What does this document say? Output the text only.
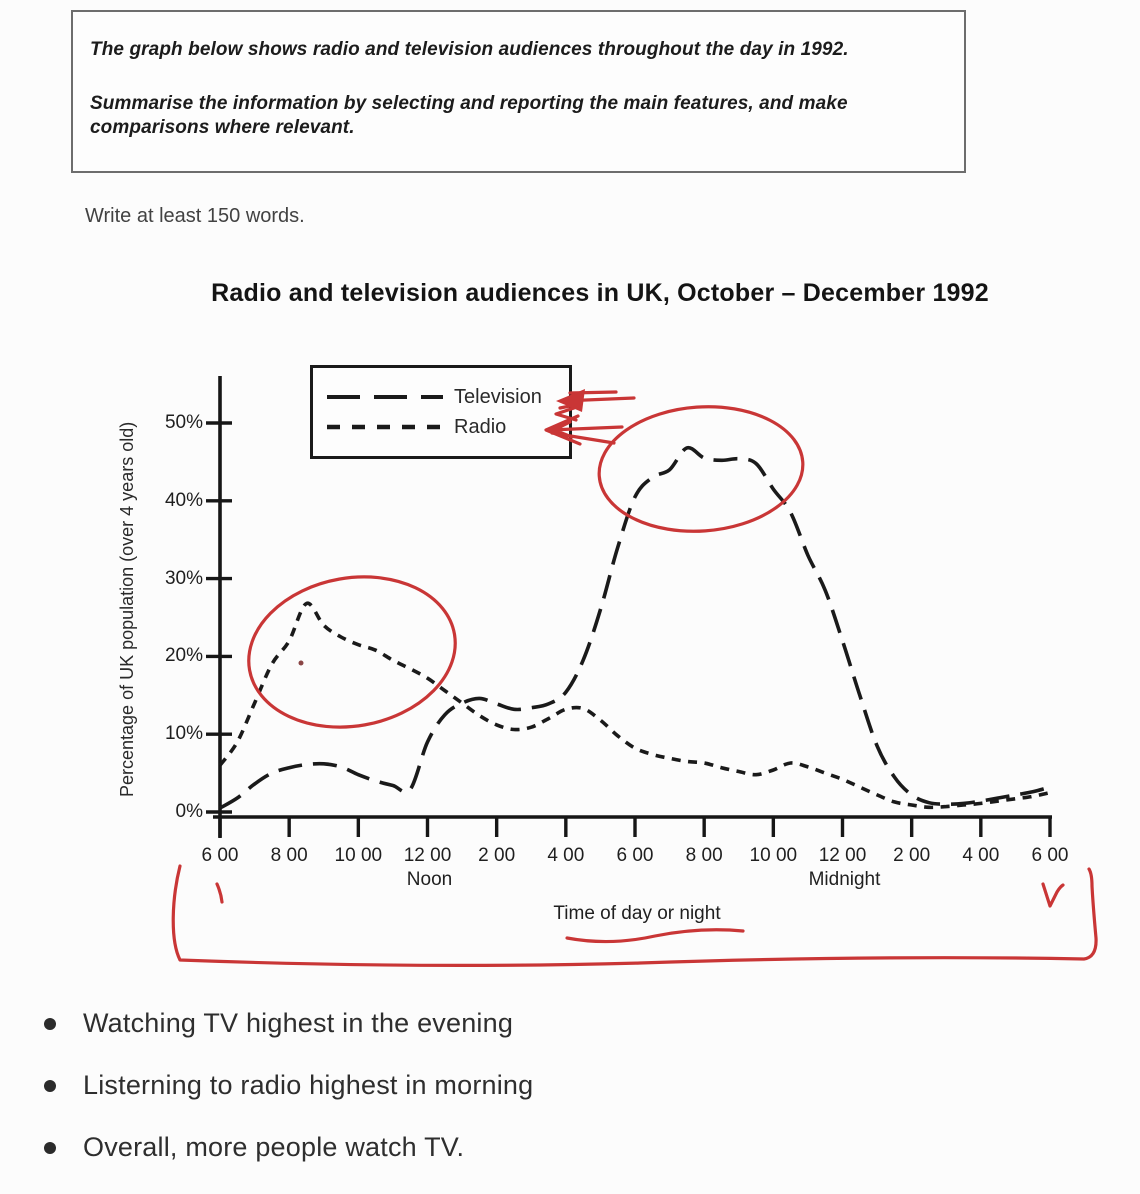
The graph below shows radio and television audiences throughout the day in 1992.

Summarise the information by selecting and reporting the main features, and make comparisons where relevant.

Write at least 150 words.
Radio and television audiences in UK, October – December 1992
Percentage of UK population (over 4 years old)
0%
10%
20%
30%
40%
50%
6 00	8 00	10 00	12 00	2 00	4 00	6 00	8 00	10 00	12 00	2 00	4 00	6 00
Noon	Midnight
Time of day or night
Television
Radio
Watching TV highest in the evening
Listerning to radio highest in morning
Overall, more people watch TV.
